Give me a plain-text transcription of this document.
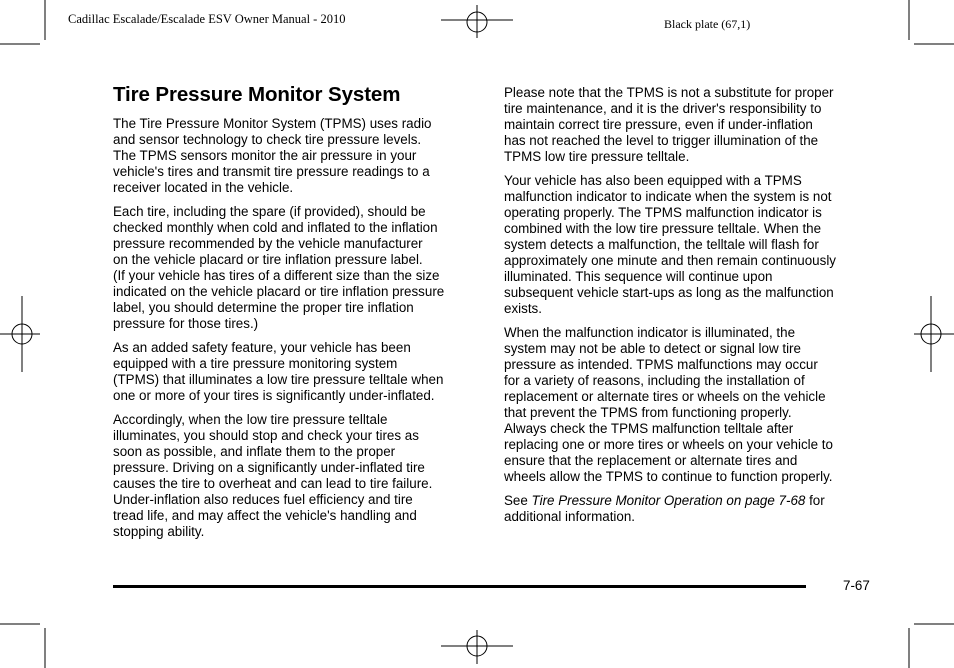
Cadillac Escalade/Escalade ESV Owner Manual - 2010	Black plate (67,1)
Tire Pressure Monitor System

The Tire Pressure Monitor System (TPMS) uses radio
and sensor technology to check tire pressure levels.
The TPMS sensors monitor the air pressure in your
vehicle's tires and transmit tire pressure readings to a
receiver located in the vehicle.

Each tire, including the spare (if provided), should be
checked monthly when cold and inflated to the inflation
pressure recommended by the vehicle manufacturer
on the vehicle placard or tire inflation pressure label.
(If your vehicle has tires of a different size than the size
indicated on the vehicle placard or tire inflation pressure
label, you should determine the proper tire inflation
pressure for those tires.)

As an added safety feature, your vehicle has been
equipped with a tire pressure monitoring system
(TPMS) that illuminates a low tire pressure telltale when
one or more of your tires is significantly under-inflated.

Accordingly, when the low tire pressure telltale
illuminates, you should stop and check your tires as
soon as possible, and inflate them to the proper
pressure. Driving on a significantly under-inflated tire
causes the tire to overheat and can lead to tire failure.
Under-inflation also reduces fuel efficiency and tire
tread life, and may affect the vehicle's handling and
stopping ability.

Please note that the TPMS is not a substitute for proper
tire maintenance, and it is the driver's responsibility to
maintain correct tire pressure, even if under-inflation
has not reached the level to trigger illumination of the
TPMS low tire pressure telltale.

Your vehicle has also been equipped with a TPMS
malfunction indicator to indicate when the system is not
operating properly. The TPMS malfunction indicator is
combined with the low tire pressure telltale. When the
system detects a malfunction, the telltale will flash for
approximately one minute and then remain continuously
illuminated. This sequence will continue upon
subsequent vehicle start-ups as long as the malfunction
exists.

When the malfunction indicator is illuminated, the
system may not be able to detect or signal low tire
pressure as intended. TPMS malfunctions may occur
for a variety of reasons, including the installation of
replacement or alternate tires or wheels on the vehicle
that prevent the TPMS from functioning properly.
Always check the TPMS malfunction telltale after
replacing one or more tires or wheels on your vehicle to
ensure that the replacement or alternate tires and
wheels allow the TPMS to continue to function properly.

See Tire Pressure Monitor Operation on page 7-68 for
additional information.

7-67
